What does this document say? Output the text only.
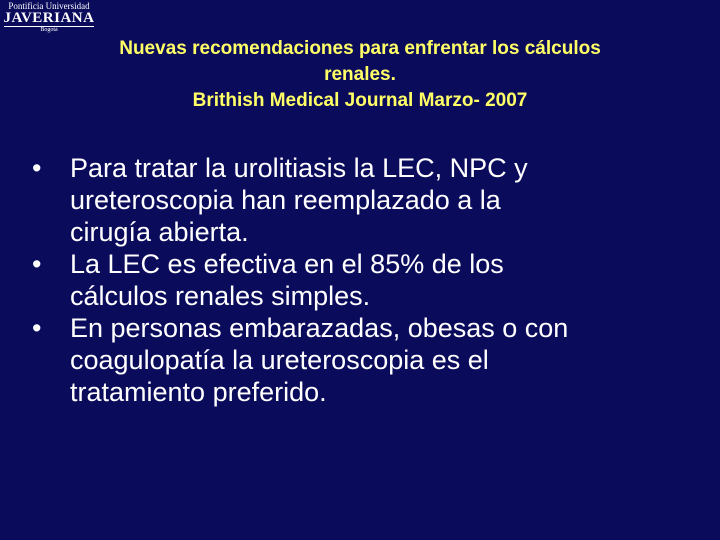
Pontificia Universidad
JAVERIANA
Bogotá
Nuevas recomendaciones para enfrentar los cálculos
renales.
Brithish Medical Journal Marzo- 2007
•	Para tratar la urolitiasis la LEC, NPC y
ureteroscopia han reemplazado a la
cirugía abierta.
•	La LEC es efectiva en el 85% de los
cálculos renales simples.
•	En personas embarazadas, obesas o con
coagulopatía la ureteroscopia es el
tratamiento preferido.
